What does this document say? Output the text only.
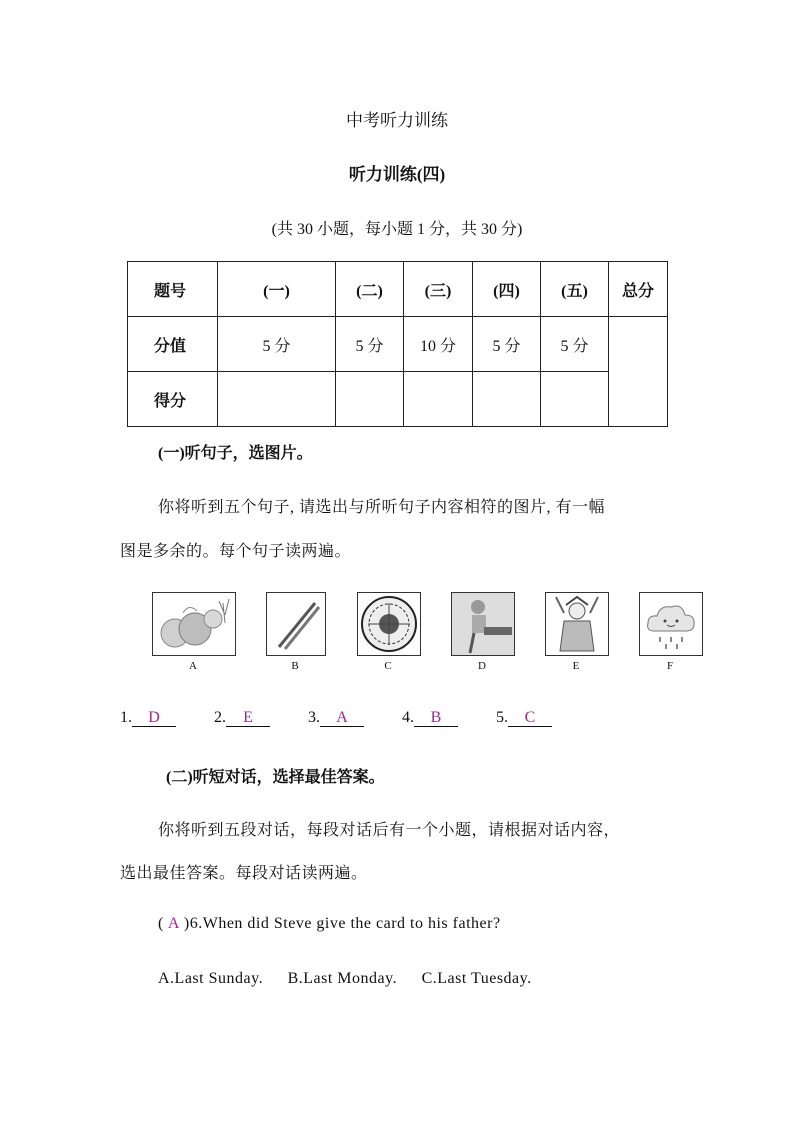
中考听力训练
听力训练(四)
(共 30 小题，每小题 1 分，共 30 分)
题号	(一)	(二)	(三)	(四)	(五)	总分
分值	5 分	5 分	10 分	5 分	5 分	
得分						
(一)听句子，选图片。
你将听到五个句子, 请选出与所听句子内容相符的图片, 有一幅
图是多余的。每个句子读两遍。
A	B	C	D	E	F
1. D	2. E	3. A	4. B	5. C
(二)听短对话，选择最佳答案。
你将听到五段对话，每段对话后有一个小题，请根据对话内容，
选出最佳答案。每段对话读两遍。
( A )6.When did Steve give the card to his father?
A.Last Sunday. B.Last Monday. C.Last Tuesday.
